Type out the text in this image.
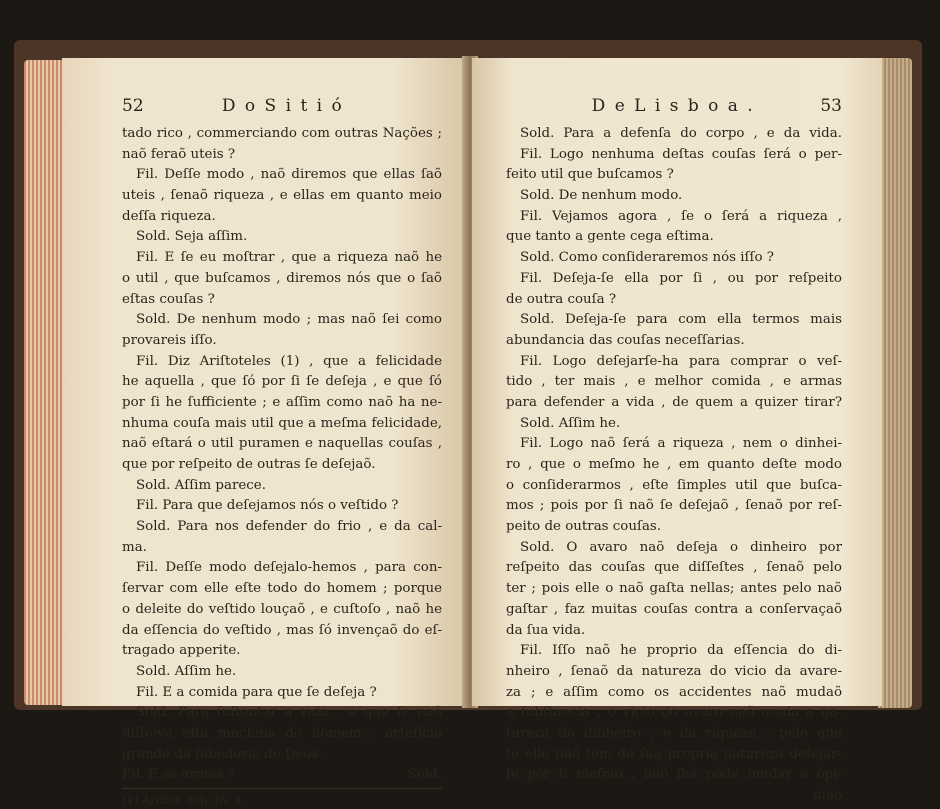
52	D o S i t i ó
tado rico , commerciando com outras Nações ;
naõ feraõ uteis ?
Fil. Deſſe modo , naõ diremos que ellas ſaõ
uteis , ſenaõ riqueza , e ellas em quanto meio
deſſa riqueza.
Sold. Seja aſſim.
Fil. E ſe eu moſtrar , que a riqueza naõ he
o util , que buſcamos , diremos nós que o ſaõ
eſtas couſas ?
Sold. De nenhum modo ; mas naõ ſei como
provareis iſſo.
Fil. Diz Ariſtoteles (1) , que a felicidade
he aquella , que ſó por ſi ſe deſeja , e que ſó
por ſi he ſufficiente ; e aſſim como naõ ha ne-
nhuma couſa mais util que a meſma felicidade,
naõ eſtará o util puramen e naquellas couſas ,
que por reſpeito de outras ſe deſejaõ.
Sold. Aſſim parece.
Fil. Para que deſejamos nós o veſtido ?
Sold. Para nos defender do frio , e da cal-
ma.
Fil. Deſſe modo deſejalo-hemos , para con-
ſervar com elle eſte todo do homem ; porque
o deleite do veſtido louçaõ , e cuſtoſo , naõ he
da eſſencia do veſtido , mas ſó invençaõ do eſ-
tragado apperite.
Sold. Aſſim he.
Fil. E a comida para que ſe deſeja ?
Sold. Para ſuſtentar a vida , e que ſe naõ
diſſolva eſta machina do homem , artefício
grande da ſabedoria de Deos.
Fil. E as armas ?	Sold.
(1) Ariſtot. Eth. liv. 1.
D e L i s b o a .	53
Sold. Para a defenſa do corpo , e da vida.
Fil. Logo nenhuma deſtas couſas ſerá o per-
feito util que buſcamos ?
Sold. De nenhum modo.
Fil. Vejamos agora , ſe o ſerá a riqueza ,
que tanto a gente cega eſtima.
Sold. Como conſideraremos nós iſſo ?
Fil. Deſeja-ſe ella por ſi , ou por reſpeito
de outra couſa ?
Sold. Deſeja-ſe para com ella termos mais
abundancia das couſas neceſſarias.
Fil. Logo deſejarſe-ha para comprar o veſ-
tido , ter mais , e melhor comida , e armas
para defender a vida , de quem a quizer tirar?
Sold. Aſſim he.
Fil. Logo naõ ſerá a riqueza , nem o dinhei-
ro , que o meſmo he , em quanto deſte modo
o conſiderarmos , eſte ſimples util que buſca-
mos ; pois por ſi naõ ſe deſejaõ , ſenaõ por reſ-
peito de outras couſas.
Sold. O avaro naõ deſeja o dinheiro por
reſpeito das couſas que diſſeſtes , ſenaõ pelo
ter ; pois elle o naõ gaſta nellas; antes pelo naõ
gaſtar , faz muitas couſas contra a conſervaçaõ
da ſua vida.
Fil. Iſſo naõ he proprio da eſſencia do di-
nheiro , ſenaõ da natureza do vicio da avare-
za ; e aſſim como os accidentes naõ mudaõ
a ſubſtancia , o vicio do avaro naõ muda a na-
tureza do dinheiro , e da riqueza : pelo que
ſe elle naõ tem de ſua propria natureza deſejar-
ſe por ſi meſmo , naõ lha póde mudar a opi-
niaõ
